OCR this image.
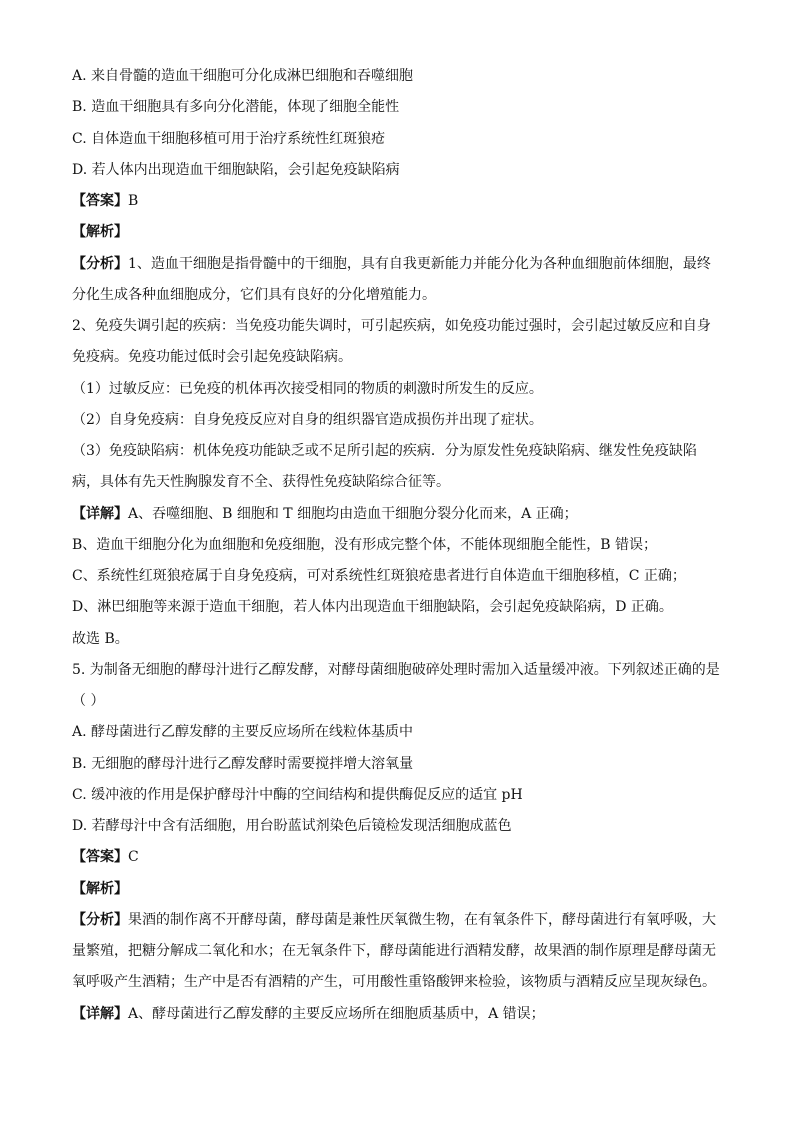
A. 来自骨髓的造血干细胞可分化成淋巴细胞和吞噬细胞
B. 造血干细胞具有多向分化潜能，体现了细胞全能性
C. 自体造血干细胞移植可用于治疗系统性红斑狼疮
D. 若人体内出现造血干细胞缺陷，会引起免疫缺陷病
【答案】B
【解析】
【分析】1、造血干细胞是指骨髓中的干细胞，具有自我更新能力并能分化为各种血细胞前体细胞，最终
分化生成各种血细胞成分，它们具有良好的分化增殖能力。
2、免疫失调引起的疾病：当免疫功能失调时，可引起疾病，如免疫功能过强时，会引起过敏反应和自身
免疫病。免疫功能过低时会引起免疫缺陷病。
（1）过敏反应：已免疫的机体再次接受相同的物质的刺激时所发生的反应。
（2）自身免疫病：自身免疫反应对自身的组织器官造成损伤并出现了症状。
（3）免疫缺陷病：机体免疫功能缺乏或不足所引起的疾病．分为原发性免疫缺陷病、继发性免疫缺陷
病，具体有先天性胸腺发育不全、获得性免疫缺陷综合征等。
【详解】A、吞噬细胞、B 细胞和 T 细胞均由造血干细胞分裂分化而来，A 正确；
B、造血干细胞分化为血细胞和免疫细胞，没有形成完整个体，不能体现细胞全能性，B 错误；
C、系统性红斑狼疮属于自身免疫病，可对系统性红斑狼疮患者进行自体造血干细胞移植，C 正确；
D、淋巴细胞等来源于造血干细胞，若人体内出现造血干细胞缺陷，会引起免疫缺陷病，D 正确。
故选 B。
5. 为制备无细胞的酵母汁进行乙醇发酵，对酵母菌细胞破碎处理时需加入适量缓冲液。下列叙述正确的是
（ ）
A. 酵母菌进行乙醇发酵的主要反应场所在线粒体基质中
B. 无细胞的酵母汁进行乙醇发酵时需要搅拌增大溶氧量
C. 缓冲液的作用是保护酵母汁中酶的空间结构和提供酶促反应的适宜 pH
D. 若酵母汁中含有活细胞，用台盼蓝试剂染色后镜检发现活细胞成蓝色
【答案】C
【解析】
【分析】果酒的制作离不开酵母菌，酵母菌是兼性厌氧微生物，在有氧条件下，酵母菌进行有氧呼吸，大
量繁殖，把糖分解成二氧化和水；在无氧条件下，酵母菌能进行酒精发酵，故果酒的制作原理是酵母菌无
氧呼吸产生酒精；生产中是否有酒精的产生，可用酸性重铬酸钾来检验，该物质与酒精反应呈现灰绿色。
【详解】A、酵母菌进行乙醇发酵的主要反应场所在细胞质基质中，A 错误；
